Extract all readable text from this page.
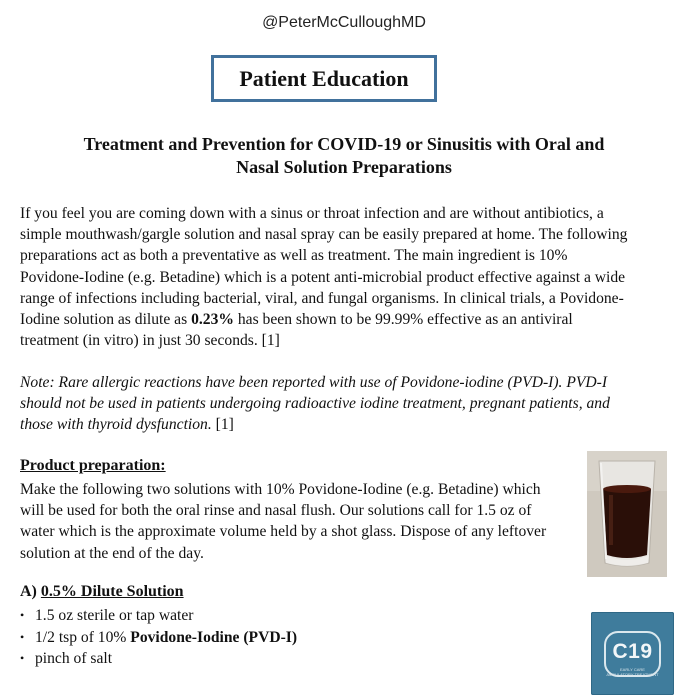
@PeterMcCulloughMD
Patient Education
Treatment and Prevention for COVID-19 or Sinusitis with Oral and
Nasal Solution Preparations
If you feel you are coming down with a sinus or throat infection and are without antibiotics, a simple mouthwash/gargle solution and nasal spray can be easily prepared at home. The following preparations act as both a preventative as well as treatment. The main ingredient is 10% Povidone-Iodine (e.g. Betadine) which is a potent anti-microbial product effective against a wide range of infections including bacterial, viral, and fungal organisms. In clinical trials, a Povidone-Iodine solution as dilute as 0.23% has been shown to be 99.99% effective as an antiviral treatment (in vitro) in just 30 seconds. [1]
Note: Rare allergic reactions have been reported with use of Povidone-iodine (PVD-I). PVD-I should not be used in patients undergoing radioactive iodine treatment, pregnant patients, and those with thyroid dysfunction. [1]
Product preparation:
Make the following two solutions with 10% Povidone-Iodine (e.g. Betadine) which will be used for both the oral rinse and nasal flush. Our solutions call for 1.5 oz of water which is the approximate volume held by a shot glass. Dispose of any leftover solution at the end of the day.
A) 0.5% Dilute Solution
• 1.5 oz sterile or tap water
• 1/2 tsp of 10% Povidone-Iodine (PVD-I)
• pinch of salt	C19
EARLY CARE
AMBULATORY TREATMENT
